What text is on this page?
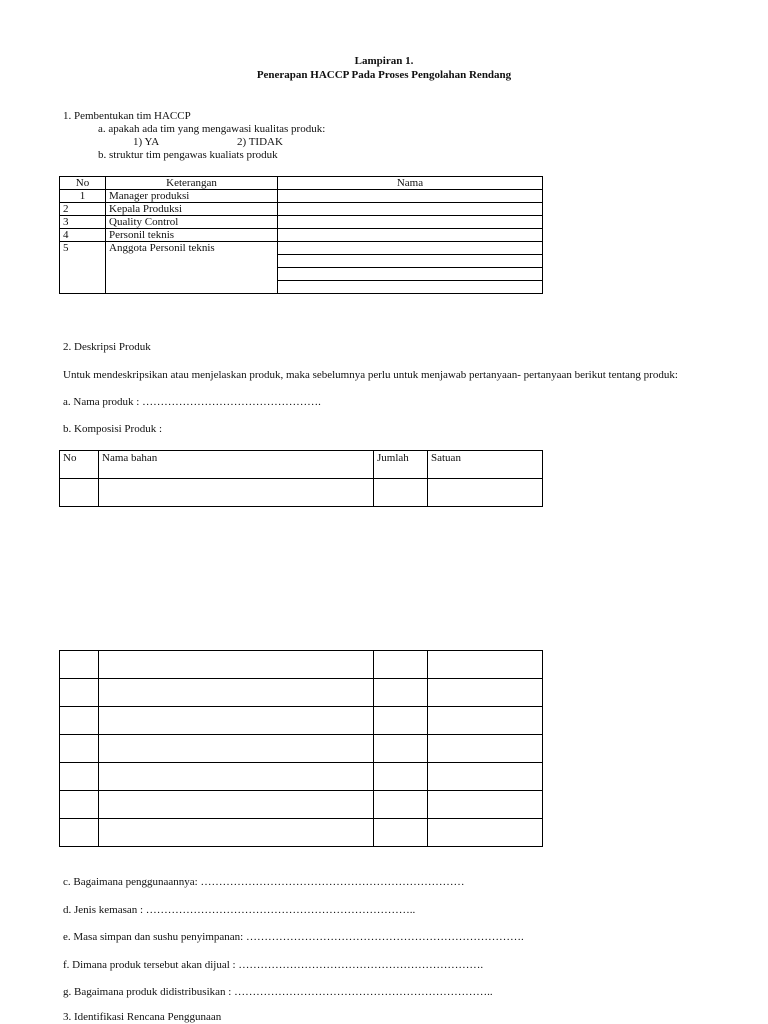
Lampiran 1.
Penerapan HACCP Pada Proses Pengolahan Rendang
1. Pembentukan tim HACCP
a. apakah ada tim yang mengawasi kualitas produk:
1) YA	2) TIDAK
b. struktur tim pengawas kualiats produk
No	Keterangan	Nama
1	Manager produksi	
2	Kepala Produksi	
3	Quality Control	
4	Personil teknis	
5	Anggota Personil teknis	

2. Deskripsi Produk
Untuk mendeskripsikan atau menjelaskan produk, maka sebelumnya perlu untuk menjawab pertanyaan- pertanyaan berikut tentang produk:
a. Nama produk : ………………………………………….
b. Komposisi Produk :
No	Nama bahan	Jumlah	Satuan

c. Bagaimana penggunaannya: ………………………………………………………………
d. Jenis kemasan : ………………………………………………………………..
e. Masa simpan dan sushu penyimpanan: ………………………………………………………………….
f. Dimana produk tersebut akan dijual : ………………………………………………………….
g. Bagaimana produk didistribusikan : ……………………………………………………………..
3. Identifikasi Rencana Penggunaan
